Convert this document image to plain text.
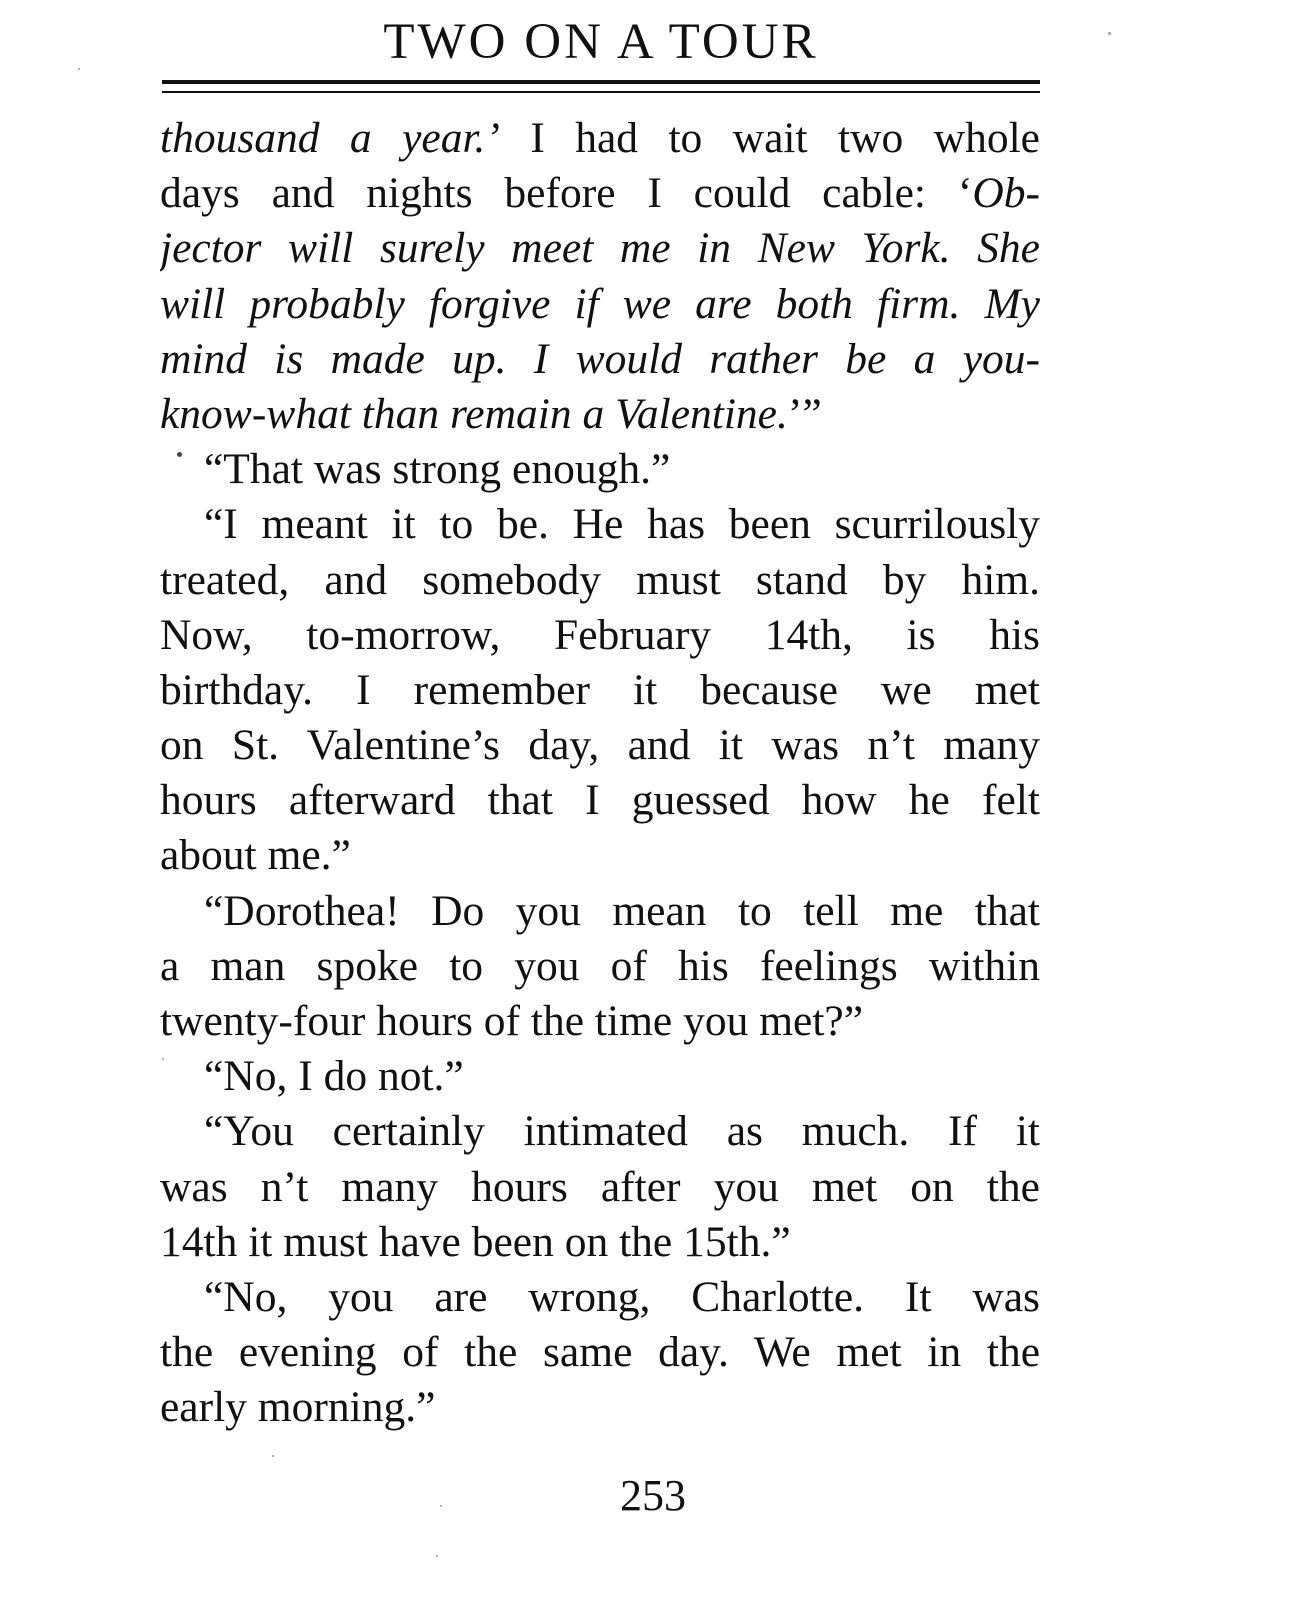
TWO ON A TOUR
thousand a year.’ I had to wait two whole
days and nights before I could cable: ‘Ob-
jector will surely meet me in New York. She
will probably forgive if we are both firm. My
mind is made up. I would rather be a you-
know-what than remain a Valentine.’”
“That was strong enough.”
“I meant it to be. He has been scurrilously
treated, and somebody must stand by him.
Now, to-morrow, February 14th, is his
birthday. I remember it because we met
on St. Valentine’s day, and it was n’t many
hours afterward that I guessed how he felt
about me.”
“Dorothea! Do you mean to tell me that
a man spoke to you of his feelings within
twenty-four hours of the time you met?”
“No, I do not.”
“You certainly intimated as much. If it
was n’t many hours after you met on the
14th it must have been on the 15th.”
“No, you are wrong, Charlotte. It was
the evening of the same day. We met in the
early morning.”
253
